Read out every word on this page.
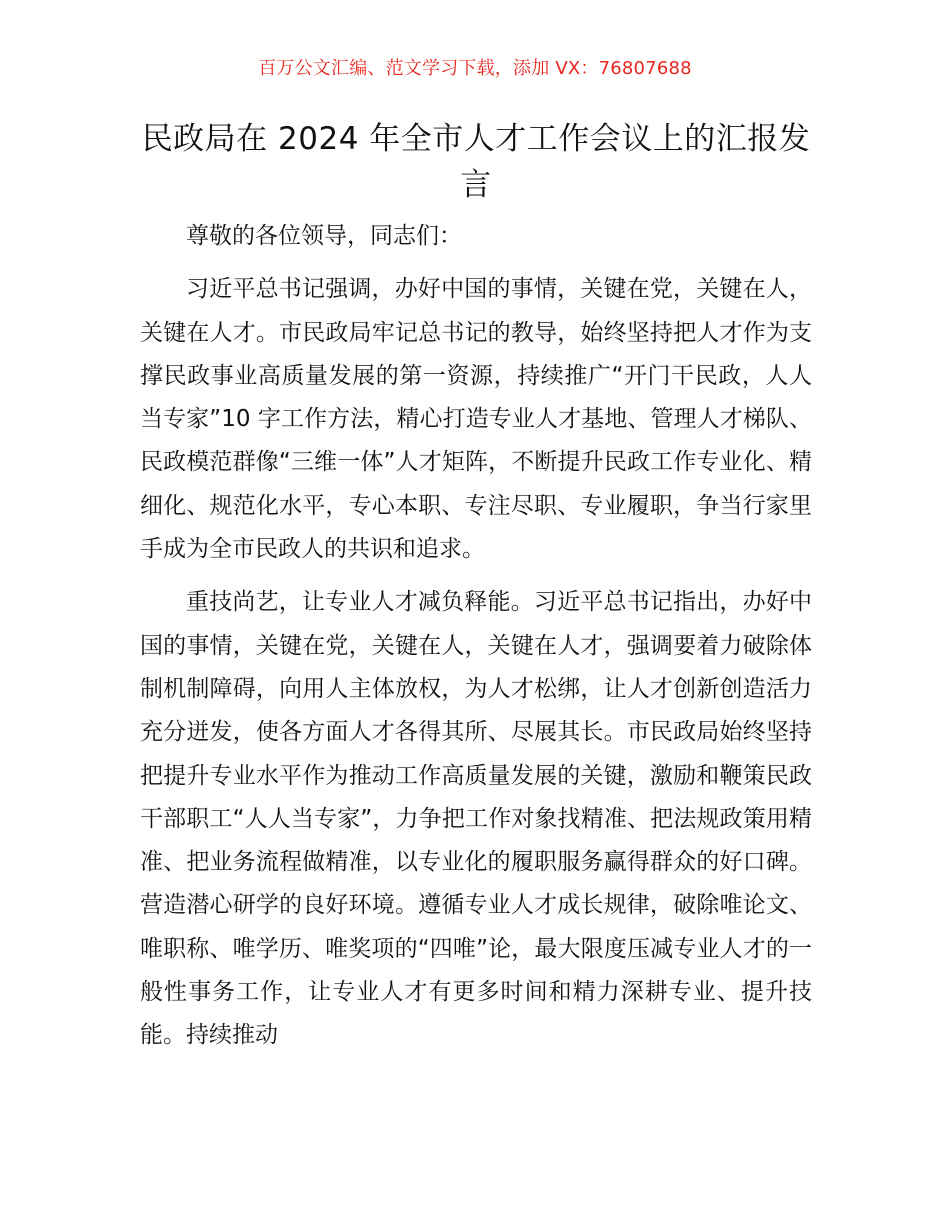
百万公文汇编、范文学习下载，添加 VX：76807688
民政局在 2024 年全市人才工作会议上的汇报发言

尊敬的各位领导，同志们：

习近平总书记强调，办好中国的事情，关键在党，关键在人，关键在人才。市民政局牢记总书记的教导，始终坚持把人才作为支撑民政事业高质量发展的第一资源，持续推广“开门干民政，人人当专家”10 字工作方法，精心打造专业人才基地、管理人才梯队、民政模范群像“三维一体”人才矩阵，不断提升民政工作专业化、精细化、规范化水平，专心本职、专注尽职、专业履职，争当行家里手成为全市民政人的共识和追求。

重技尚艺，让专业人才减负释能。习近平总书记指出，办好中国的事情，关键在党，关键在人，关键在人才，强调要着力破除体制机制障碍，向用人主体放权，为人才松绑，让人才创新创造活力充分迸发，使各方面人才各得其所、尽展其长。市民政局始终坚持把提升专业水平作为推动工作高质量发展的关键，激励和鞭策民政干部职工“人人当专家”，力争把工作对象找精准、把法规政策用精准、把业务流程做精准，以专业化的履职服务赢得群众的好口碑。营造潜心研学的良好环境。遵循专业人才成长规律，破除唯论文、唯职称、唯学历、唯奖项的“四唯”论，最大限度压减专业人才的一般性事务工作，让专业人才有更多时间和精力深耕专业、提升技能。持续推动
